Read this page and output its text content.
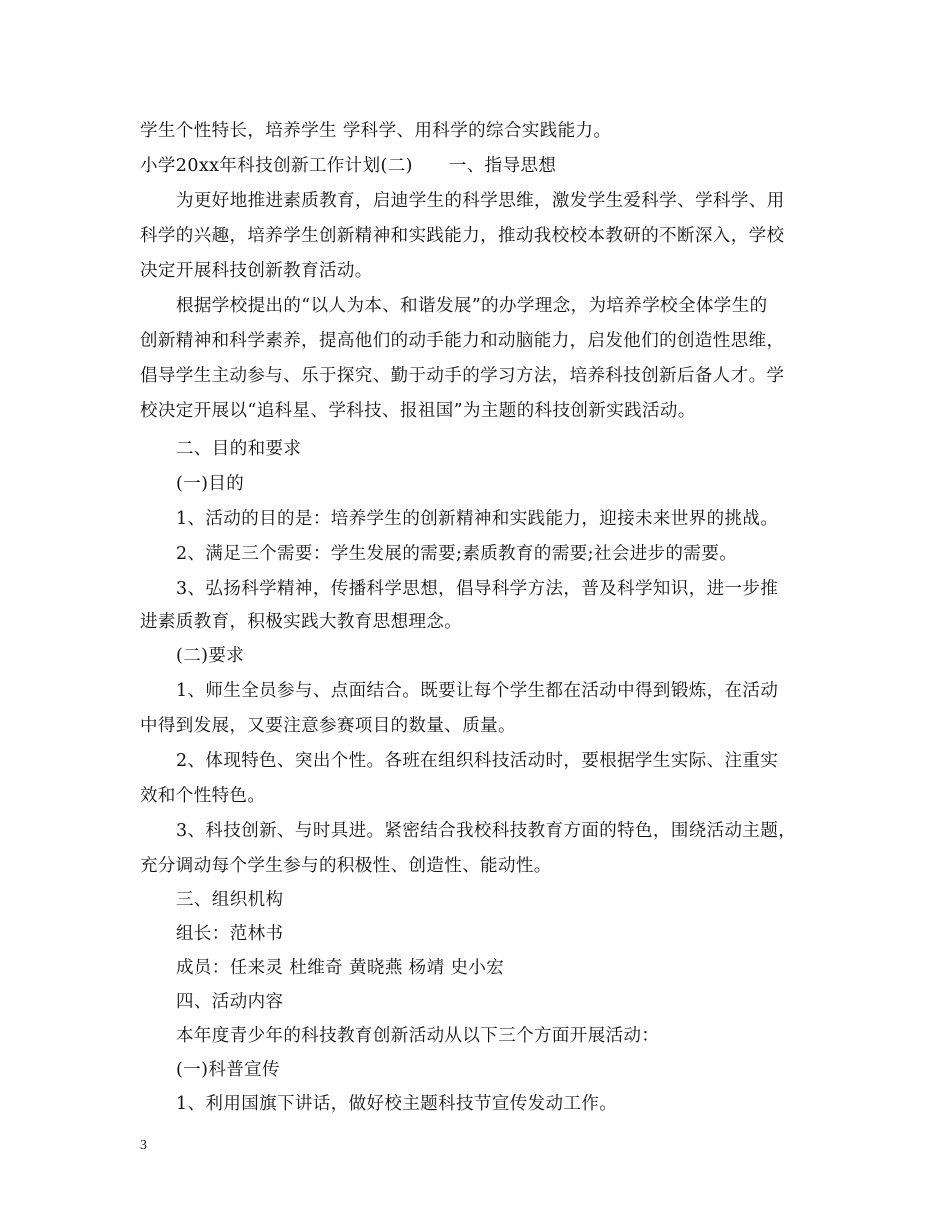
学生个性特长，培养学生 学科学、用科学的综合实践能力。
小学20xx年科技创新工作计划(二) 一、指导思想
为更好地推进素质教育，启迪学生的科学思维，激发学生爱科学、学科学、用
科学的兴趣，培养学生创新精神和实践能力，推动我校校本教研的不断深入，学校
决定开展科技创新教育活动。
根据学校提出的“以人为本、和谐发展”的办学理念，为培养学校全体学生的
创新精神和科学素养，提高他们的动手能力和动脑能力，启发他们的创造性思维，
倡导学生主动参与、乐于探究、勤于动手的学习方法，培养科技创新后备人才。学
校决定开展以“追科星、学科技、报祖国”为主题的科技创新实践活动。
二、目的和要求
(一)目的
1、活动的目的是：培养学生的创新精神和实践能力，迎接未来世界的挑战。
2、满足三个需要：学生发展的需要;素质教育的需要;社会进步的需要。
3、弘扬科学精神，传播科学思想，倡导科学方法，普及科学知识，进一步推
进素质教育，积极实践大教育思想理念。
(二)要求
1、师生全员参与、点面结合。既要让每个学生都在活动中得到锻炼，在活动
中得到发展，又要注意参赛项目的数量、质量。
2、体现特色、突出个性。各班在组织科技活动时，要根据学生实际、注重实
效和个性特色。
3、科技创新、与时具进。紧密结合我校科技教育方面的特色，围绕活动主题，
充分调动每个学生参与的积极性、创造性、能动性。
三、组织机构
组长：范林书
成员：任来灵 杜维奇 黄晓燕 杨靖 史小宏
四、活动内容
本年度青少年的科技教育创新活动从以下三个方面开展活动：
(一)科普宣传
1、利用国旗下讲话，做好校主题科技节宣传发动工作。
3
